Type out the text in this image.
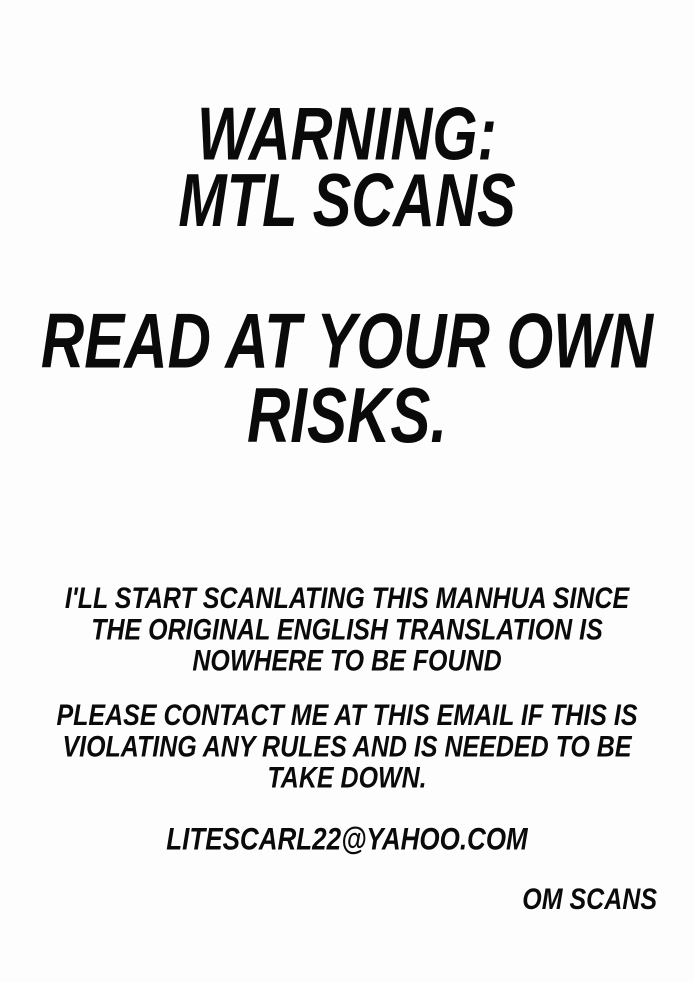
WARNING:
MTL SCANS
READ AT YOUR OWN
RISKS.
I'LL START SCANLATING THIS MANHUA SINCE
THE ORIGINAL ENGLISH TRANSLATION IS
NOWHERE TO BE FOUND
PLEASE CONTACT ME AT THIS EMAIL IF THIS IS
VIOLATING ANY RULES AND IS NEEDED TO BE
TAKE DOWN.
LITESCARL22@YAHOO.COM
OM SCANS
